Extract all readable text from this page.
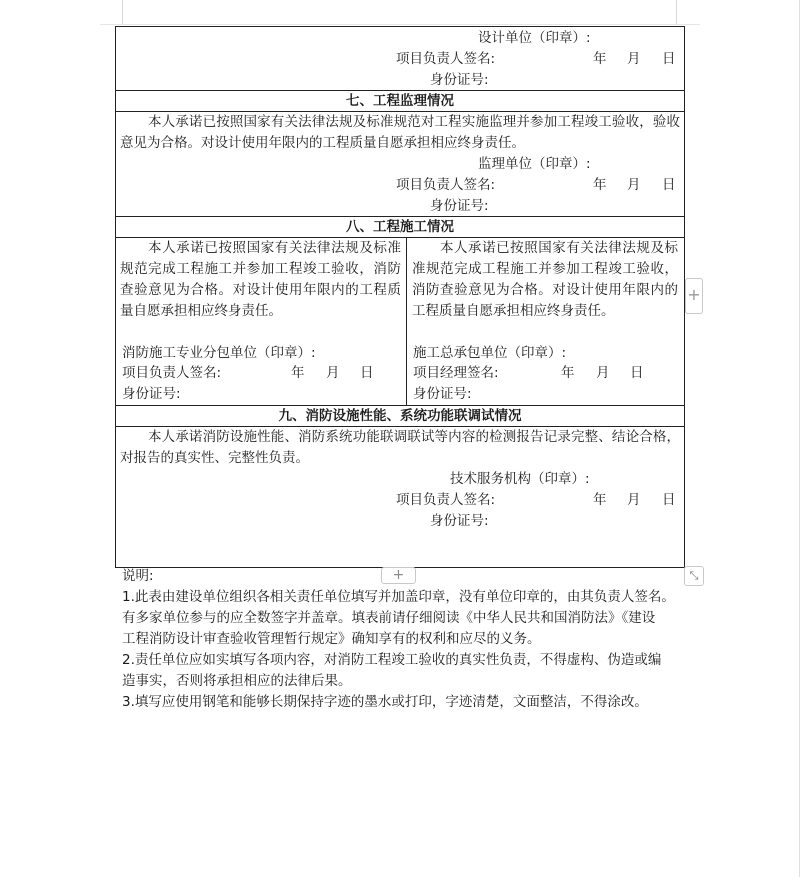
设计单位（印章）:
项目负责人签名:	年 月 日
身份证号:
七、工程监理情况
本人承诺已按照国家有关法律法规及标准规范对工程实施监理并参加工程竣工验收，验收意见为合格。对设计使用年限内的工程质量自愿承担相应终身责任。
监理单位（印章）:
项目负责人签名:	年 月 日
身份证号:
八、工程施工情况
本人承诺已按照国家有关法律法规及标准规范完成工程施工并参加工程竣工验收，消防查验意见为合格。对设计使用年限内的工程质量自愿承担相应终身责任。
消防施工专业分包单位（印章）:
项目负责人签名:	年 月 日
身份证号:
本人承诺已按照国家有关法律法规及标准规范完成工程施工并参加工程竣工验收，消防查验意见为合格。对设计使用年限内的工程质量自愿承担相应终身责任。
施工总承包单位（印章）:
项目经理签名:	年 月 日
身份证号:
九、消防设施性能、系统功能联调试情况
本人承诺消防设施性能、消防系统功能联调联试等内容的检测报告记录完整、结论合格，对报告的真实性、完整性负责。
技术服务机构（印章）:
项目负责人签名:	年 月 日
身份证号:
+
+	⤡
说明:
1.此表由建设单位组织各相关责任单位填写并加盖印章，没有单位印章的，由其负责人签名。
有多家单位参与的应全数签字并盖章。填表前请仔细阅读《中华人民共和国消防法》《建设
工程消防设计审查验收管理暂行规定》确知享有的权利和应尽的义务。
2.责任单位应如实填写各项内容，对消防工程竣工验收的真实性负责，不得虚构、伪造或编
造事实，否则将承担相应的法律后果。
3.填写应使用钢笔和能够长期保持字迹的墨水或打印，字迹清楚，文面整洁，不得涂改。
